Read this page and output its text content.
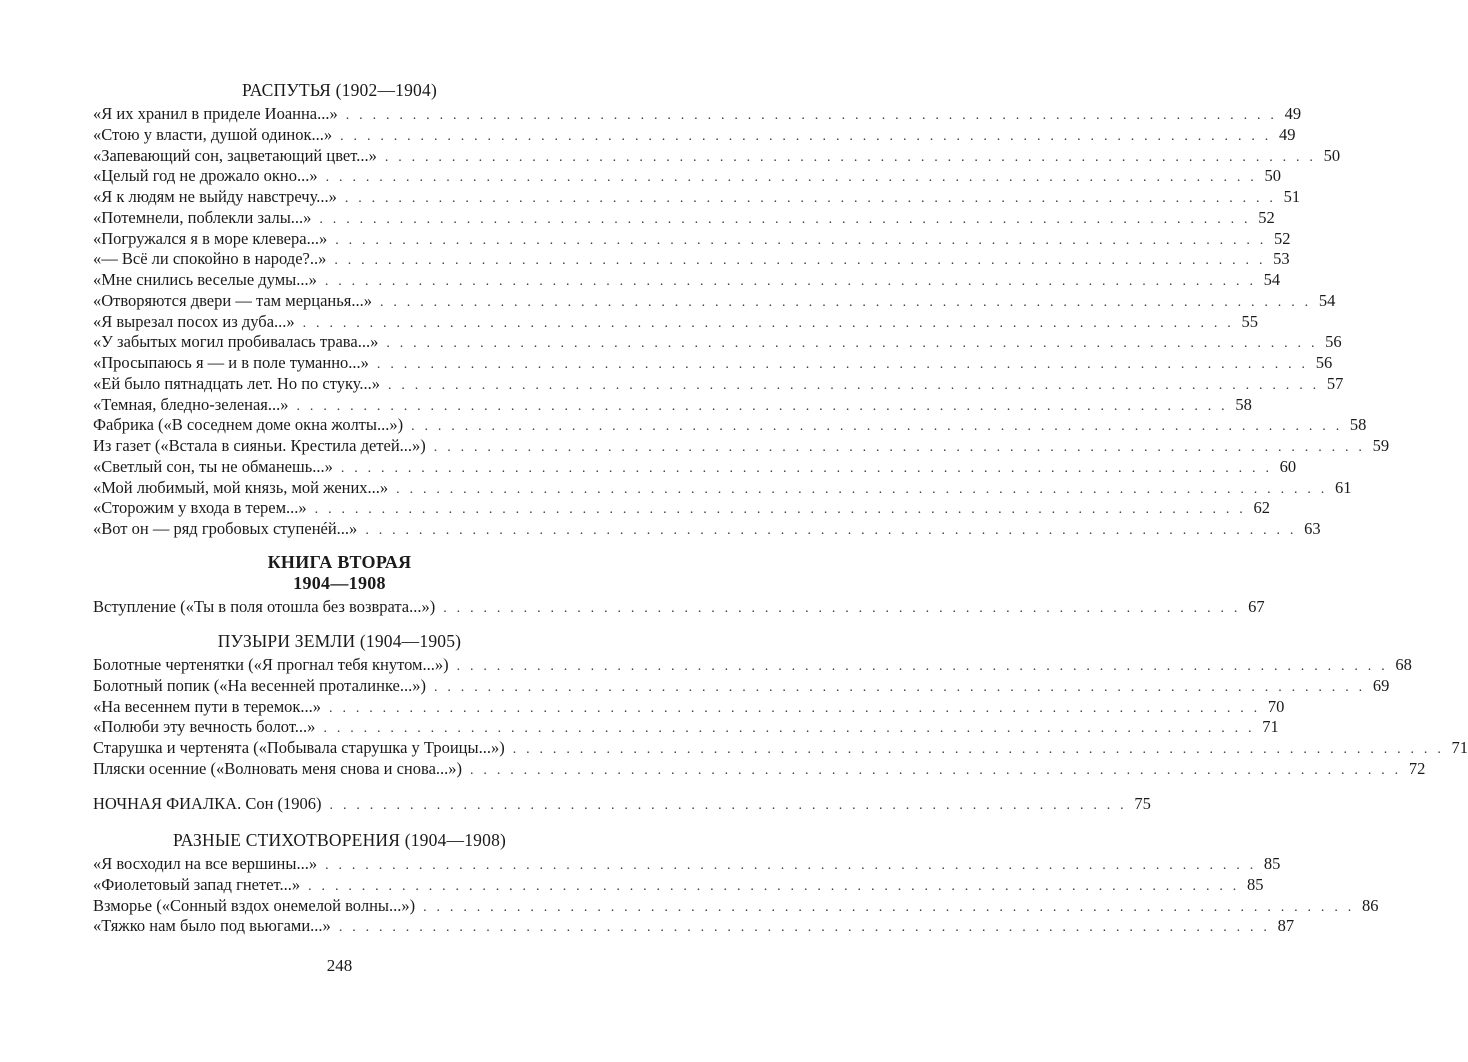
РАСПУТЬЯ (1902—1904)
«Я их хранил в приделе Иоанна...» . . . . . . . . . . . . . . . . . . . . . . . . . . . . . . . . . . . . . . . . . . . . . . . . . . . . . . . . . . . . . . . . . . . . . . 49
«Стою у власти, душой одинок...» . . . . . . . . . . . . . . . . . . . . . . . . . . . . . . . . . . . . . . . . . . . . . . . . . . . . . . . . . . . . . . . . . . . . . . 49
«Запевающий сон, зацветающий цвет...» . . . . . . . . . . . . . . . . . . . . . . . . . . . . . . . . . . . . . . . . . . . . . . . . . . . . . . . . . . . . . . . . . . . . . . 50
«Целый год не дрожало окно...» . . . . . . . . . . . . . . . . . . . . . . . . . . . . . . . . . . . . . . . . . . . . . . . . . . . . . . . . . . . . . . . . . . . . . . 50
«Я к людям не выйду навстречу...» . . . . . . . . . . . . . . . . . . . . . . . . . . . . . . . . . . . . . . . . . . . . . . . . . . . . . . . . . . . . . . . . . . . . . . 51
«Потемнели, поблекли залы...» . . . . . . . . . . . . . . . . . . . . . . . . . . . . . . . . . . . . . . . . . . . . . . . . . . . . . . . . . . . . . . . . . . . . . . 52
«Погружался я в море клевера...» . . . . . . . . . . . . . . . . . . . . . . . . . . . . . . . . . . . . . . . . . . . . . . . . . . . . . . . . . . . . . . . . . . . . . . 52
«— Всё ли спокойно в народе?..» . . . . . . . . . . . . . . . . . . . . . . . . . . . . . . . . . . . . . . . . . . . . . . . . . . . . . . . . . . . . . . . . . . . . . . 53
«Мне снились веселые думы...» . . . . . . . . . . . . . . . . . . . . . . . . . . . . . . . . . . . . . . . . . . . . . . . . . . . . . . . . . . . . . . . . . . . . . . 54
«Отворяются двери — там мерцанья...» . . . . . . . . . . . . . . . . . . . . . . . . . . . . . . . . . . . . . . . . . . . . . . . . . . . . . . . . . . . . . . . . . . . . . . 54
«Я вырезал посох из дуба...» . . . . . . . . . . . . . . . . . . . . . . . . . . . . . . . . . . . . . . . . . . . . . . . . . . . . . . . . . . . . . . . . . . . . . . 55
«У забытых могил пробивалась трава...» . . . . . . . . . . . . . . . . . . . . . . . . . . . . . . . . . . . . . . . . . . . . . . . . . . . . . . . . . . . . . . . . . . . . . . 56
«Просыпаюсь я — и в поле туманно...» . . . . . . . . . . . . . . . . . . . . . . . . . . . . . . . . . . . . . . . . . . . . . . . . . . . . . . . . . . . . . . . . . . . . . . 56
«Ей было пятнадцать лет. Но по стуку...» . . . . . . . . . . . . . . . . . . . . . . . . . . . . . . . . . . . . . . . . . . . . . . . . . . . . . . . . . . . . . . . . . . . . . . 57
«Темная, бледно-зеленая...» . . . . . . . . . . . . . . . . . . . . . . . . . . . . . . . . . . . . . . . . . . . . . . . . . . . . . . . . . . . . . . . . . . . . . . 58
Фабрика («В соседнем доме окна жолты...») . . . . . . . . . . . . . . . . . . . . . . . . . . . . . . . . . . . . . . . . . . . . . . . . . . . . . . . . . . . . . . . . . . . . . . 58
Из газет («Встала в сияньи. Крестила детей...») . . . . . . . . . . . . . . . . . . . . . . . . . . . . . . . . . . . . . . . . . . . . . . . . . . . . . . . . . . . . . . . . . . . . . . 59
«Светлый сон, ты не обманешь...» . . . . . . . . . . . . . . . . . . . . . . . . . . . . . . . . . . . . . . . . . . . . . . . . . . . . . . . . . . . . . . . . . . . . . . 60
«Мой любимый, мой князь, мой жених...» . . . . . . . . . . . . . . . . . . . . . . . . . . . . . . . . . . . . . . . . . . . . . . . . . . . . . . . . . . . . . . . . . . . . . . 61
«Сторожим у входа в терем...» . . . . . . . . . . . . . . . . . . . . . . . . . . . . . . . . . . . . . . . . . . . . . . . . . . . . . . . . . . . . . . . . . . . . . . 62
«Вот он — ряд гробовых ступенéй...» . . . . . . . . . . . . . . . . . . . . . . . . . . . . . . . . . . . . . . . . . . . . . . . . . . . . . . . . . . . . . . . . . . . . . . 63
КНИГА ВТОРАЯ
1904—1908
Вступление («Ты в поля отошла без возврата...») . . . . . . . . . . . . . . . . . . . . . . . . . . . . . . . . . . . . . . . . . . . . . . . . . . . . . . . . . . . . 67
ПУЗЫРИ ЗЕМЛИ (1904—1905)
Болотные чертенятки («Я прогнал тебя кнутом...») . . . . . . . . . . . . . . . . . . . . . . . . . . . . . . . . . . . . . . . . . . . . . . . . . . . . . . . . . . . . . . . . . . . . . . 68
Болотный попик («На весенней проталинке...») . . . . . . . . . . . . . . . . . . . . . . . . . . . . . . . . . . . . . . . . . . . . . . . . . . . . . . . . . . . . . . . . . . . . . . 69
«На весеннем пути в теремок...» . . . . . . . . . . . . . . . . . . . . . . . . . . . . . . . . . . . . . . . . . . . . . . . . . . . . . . . . . . . . . . . . . . . . . . 70
«Полюби эту вечность болот...» . . . . . . . . . . . . . . . . . . . . . . . . . . . . . . . . . . . . . . . . . . . . . . . . . . . . . . . . . . . . . . . . . . . . . . 71
Старушка и чертенята («Побывала старушка у Троицы...») . . . . . . . . . . . . . . . . . . . . . . . . . . . . . . . . . . . . . . . . . . . . . . . . . . . . . . . . . . . . . . . . . . . . . . 71
Пляски осенние («Волновать меня снова и снова...») . . . . . . . . . . . . . . . . . . . . . . . . . . . . . . . . . . . . . . . . . . . . . . . . . . . . . . . . . . . . . . . . . . . . . . 72
НОЧНАЯ ФИАЛКА. Сон (1906) . . . . . . . . . . . . . . . . . . . . . . . . . . . . . . . . . . . . . . . . . . . . . . . . . . . . . . . . . . . . 75
РАЗНЫЕ СТИХОТВОРЕНИЯ (1904—1908)
«Я восходил на все вершины...» . . . . . . . . . . . . . . . . . . . . . . . . . . . . . . . . . . . . . . . . . . . . . . . . . . . . . . . . . . . . . . . . . . . . . . 85
«Фиолетовый запад гнетет...» . . . . . . . . . . . . . . . . . . . . . . . . . . . . . . . . . . . . . . . . . . . . . . . . . . . . . . . . . . . . . . . . . . . . . . 85
Взморье («Сонный вздох онемелой волны...») . . . . . . . . . . . . . . . . . . . . . . . . . . . . . . . . . . . . . . . . . . . . . . . . . . . . . . . . . . . . . . . . . . . . . . 86
«Тяжко нам было под вьюгами...» . . . . . . . . . . . . . . . . . . . . . . . . . . . . . . . . . . . . . . . . . . . . . . . . . . . . . . . . . . . . . . . . . . . . . . 87
248
